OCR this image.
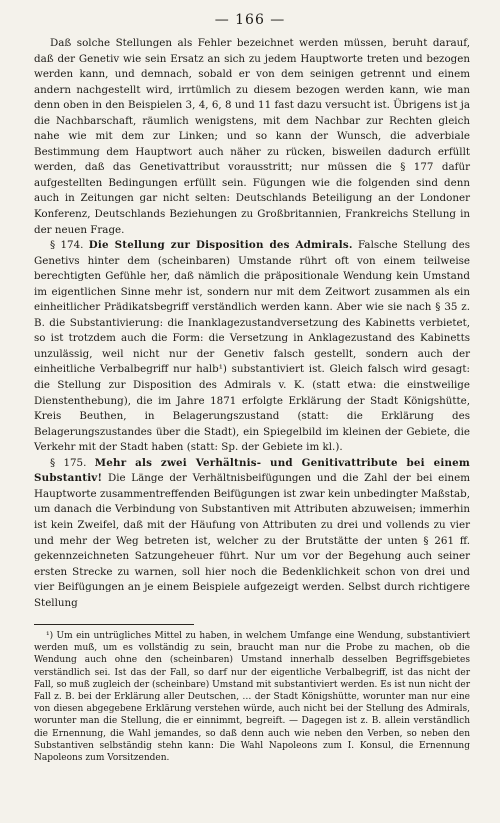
— 166 —

Daß solche Stellungen als Fehler bezeichnet werden müssen, beruht darauf, daß der Genetiv wie sein Ersatz an sich zu jedem Hauptworte treten und bezogen werden kann, und demnach, sobald er von dem seinigen getrennt und einem andern nachgestellt wird, irrtümlich zu diesem bezogen werden kann, wie man denn oben in den Beispielen 3, 4, 6, 8 und 11 fast dazu versucht ist. Übrigens ist ja die Nachbarschaft, räumlich wenigstens, mit dem Nachbar zur Rechten gleich nahe wie mit dem zur Linken; und so kann der Wunsch, die adverbiale Bestimmung dem Hauptwort auch näher zu rücken, bisweilen dadurch erfüllt werden, daß das Genetivattribut vorausstritt; nur müssen die § 177 dafür aufgestellten Bedingungen erfüllt sein. Fügungen wie die folgenden sind denn auch in Zeitungen gar nicht selten: Deutschlands Beteiligung an der Londoner Konferenz, Deutschlands Beziehungen zu Großbritannien, Frankreichs Stellung in der neuen Frage.

§ 174. Die Stellung zur Disposition des Admirals. Falsche Stellung des Genetivs hinter dem (scheinbaren) Umstande rührt oft von einem teilweise berechtigten Gefühle her, daß nämlich die präpositionale Wendung kein Umstand im eigentlichen Sinne mehr ist, sondern nur mit dem Zeitwort zusammen als ein einheitlicher Prädikatsbegriff verständlich werden kann. Aber wie sie nach § 35 z. B. die Substantivierung: die Inanklagezustandversetzung des Kabinetts verbietet, so ist trotzdem auch die Form: die Versetzung in Anklagezustand des Kabinetts unzulässig, weil nicht nur der Genetiv falsch gestellt, sondern auch der einheitliche Verbalbegriff nur halb¹) substantiviert ist. Gleich falsch wird gesagt: die Stellung zur Disposition des Admirals v. K. (statt etwa: die einstweilige Dienstenthebung), die im Jahre 1871 erfolgte Erklärung der Stadt Königshütte, Kreis Beuthen, in Belagerungszustand (statt: die Erklärung des Belagerungszustandes über die Stadt), ein Spiegelbild im kleinen der Gebiete, die Verkehr mit der Stadt haben (statt: Sp. der Gebiete im kl.).

§ 175. Mehr als zwei Verhältnis- und Genitivattribute bei einem Substantiv! Die Länge der Verhältnisbeifügungen und die Zahl der bei einem Hauptworte zusammentreffenden Beifügungen ist zwar kein unbedingter Maßstab, um danach die Verbindung von Substantiven mit Attributen abzuweisen; immerhin ist kein Zweifel, daß mit der Häufung von Attributen zu drei und vollends zu vier und mehr der Weg betreten ist, welcher zu der Brutstätte der unten § 261 ff. gekennzeichneten Satzungeheuer führt. Nur um vor der Begehung auch seiner ersten Strecke zu warnen, soll hier noch die Bedenklichkeit schon von drei und vier Beifügungen an je einem Beispiele aufgezeigt werden. Selbst durch richtigere Stellung

¹) Um ein untrügliches Mittel zu haben, in welchem Umfange eine Wendung, substantiviert werden muß, um es vollständig zu sein, braucht man nur die Probe zu machen, ob die Wendung auch ohne den (scheinbaren) Umstand innerhalb desselben Begriffsgebietes verständlich sei. Ist das der Fall, so darf nur der eigentliche Verbalbegriff, ist das nicht der Fall, so muß zugleich der (scheinbare) Umstand mit substantiviert werden. Es ist nun nicht der Fall z. B. bei der Erklärung aller Deutschen, … der Stadt Königshütte, worunter man nur eine von diesen abgegebene Erklärung verstehen würde, auch nicht bei der Stellung des Admirals, worunter man die Stellung, die er einnimmt, begreift. — Dagegen ist z. B. allein verständlich die Ernennung, die Wahl jemandes, so daß denn auch wie neben den Verben, so neben den Substantiven selbständig stehn kann: Die Wahl Napoleons zum I. Konsul, die Ernennung Napoleons zum Vorsitzenden.
